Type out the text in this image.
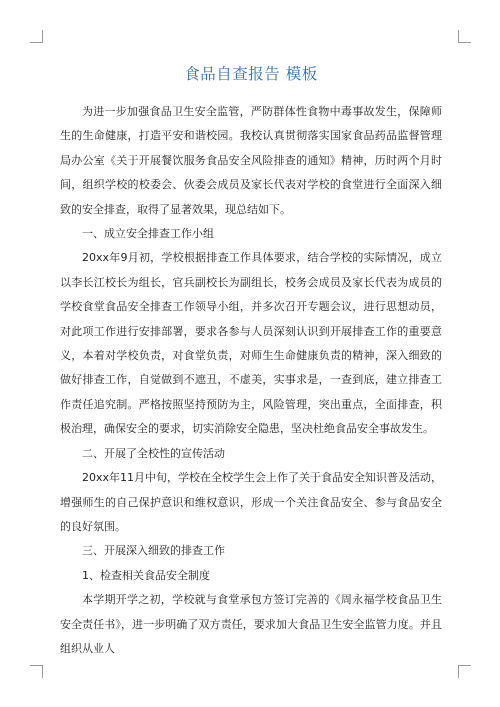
食品自查报告 模板

为进一步加强食品卫生安全监管，严防群体性食物中毒事故发生，保障师生的生命健康，打造平安和谐校园。我校认真贯彻落实国家食品药品监督管理局办公室《关于开展餐饮服务食品安全风险排查的通知》精神，历时两个月时间，组织学校的校委会、伙委会成员及家长代表对学校的食堂进行全面深入细致的安全排查，取得了显著效果，现总结如下。

一、成立安全排查工作小组

20xx年9月初，学校根据排查工作具体要求，结合学校的实际情况，成立以李长江校长为组长，官兵副校长为副组长，校务会成员及家长代表为成员的学校食堂食品安全排查工作领导小组，并多次召开专题会议，进行思想动员，对此项工作进行安排部署，要求各参与人员深刻认识到开展排查工作的重要意义，本着对学校负责，对食堂负责，对师生生命健康负责的精神，深入细致的做好排查工作，自觉做到不遮丑，不虚美，实事求是，一查到底，建立排查工作责任追究制。严格按照坚持预防为主，风险管理，突出重点，全面排查，积极治理，确保安全的要求，切实消除安全隐患，坚决杜绝食品安全事故发生。

二、开展了全校性的宣传活动

20xx年11月中旬，学校在全校学生会上作了关于食品安全知识普及活动，增强师生的自己保护意识和维权意识，形成一个关注食品安全、参与食品安全的良好氛围。

三、开展深入细致的排查工作

1、检查相关食品安全制度

本学期开学之初，学校就与食堂承包方签订完善的《周永福学校食品卫生安全责任书》，进一步明确了双方责任，要求加大食品卫生安全监管力度。并且组织从业人
